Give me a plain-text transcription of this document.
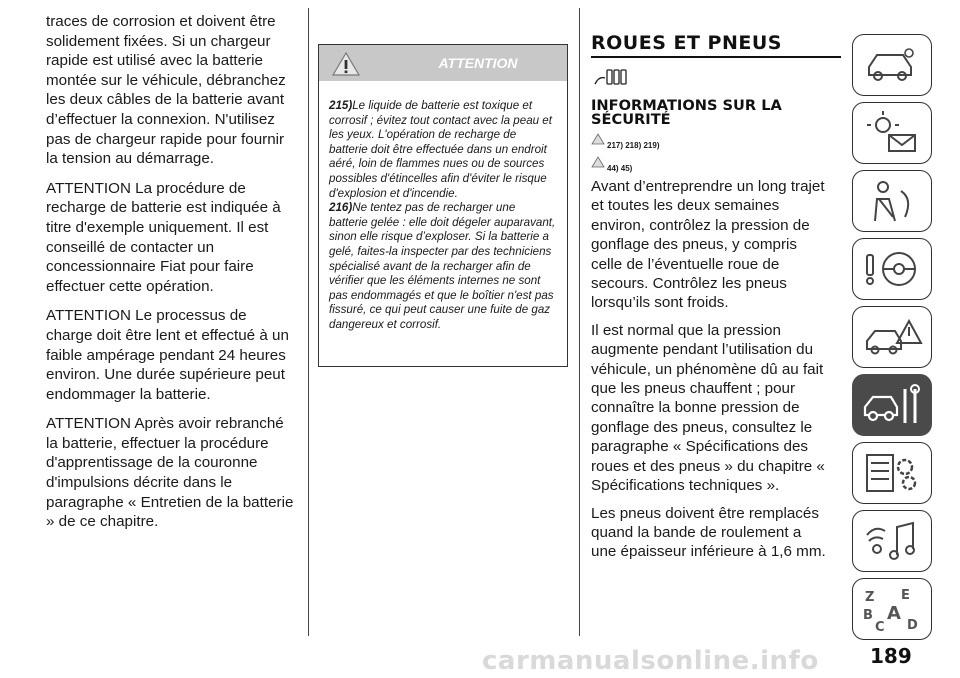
traces de corrosion et doivent être solidement fixées. Si un chargeur rapide est utilisé avec la batterie montée sur le véhicule, débranchez les deux câbles de la batterie avant d’effectuer la connexion. N'utilisez pas de chargeur rapide pour fournir la tension au démarrage.

ATTENTION La procédure de recharge de batterie est indiquée à titre d'exemple uniquement. Il est conseillé de contacter un concessionnaire Fiat pour faire effectuer cette opération.

ATTENTION Le processus de charge doit être lent et effectué à un faible ampérage pendant 24 heures environ. Une durée supérieure peut endommager la batterie.

ATTENTION Après avoir rebranché la batterie, effectuer la procédure d'apprentissage de la couronne d'impulsions décrite dans le paragraphe « Entretien de la batterie » de ce chapitre.

ATTENTION
215)Le liquide de batterie est toxique et corrosif ; évitez tout contact avec la peau et les yeux. L'opération de recharge de batterie doit être effectuée dans un endroit aéré, loin de flammes nues ou de sources possibles d'étincelles afin d'éviter le risque d'explosion et d'incendie.
216)Ne tentez pas de recharger une batterie gelée : elle doit dégeler auparavant, sinon elle risque d’exploser. Si la batterie a gelé, faites-la inspecter par des techniciens spécialisé avant de la recharger afin de vérifier que les éléments internes ne sont pas endommagés et que le boîtier n'est pas fissuré, ce qui peut causer une fuite de gaz dangereux et corrosif.
ROUES ET PNEUS
INFORMATIONS SUR LA SÉCURITÉ
217) 218) 219)
44) 45)

Avant d’entreprendre un long trajet et toutes les deux semaines environ, contrôlez la pression de gonflage des pneus, y compris celle de l’éventuelle roue de secours. Contrôlez les pneus lorsqu’ils sont froids.

Il est normal que la pression augmente pendant l’utilisation du véhicule, un phénomène dû au fait que les pneus chauffent ; pour connaître la bonne pression de gonflage des pneus, consultez le paragraphe « Spécifications des roues et des pneus » du chapitre « Spécifications techniques ».

Les pneus doivent être remplacés quand la bande de roulement a une épaisseur inférieure à 1,6 mm.

Z E
B A
C D
carmanualsonline.info	189
